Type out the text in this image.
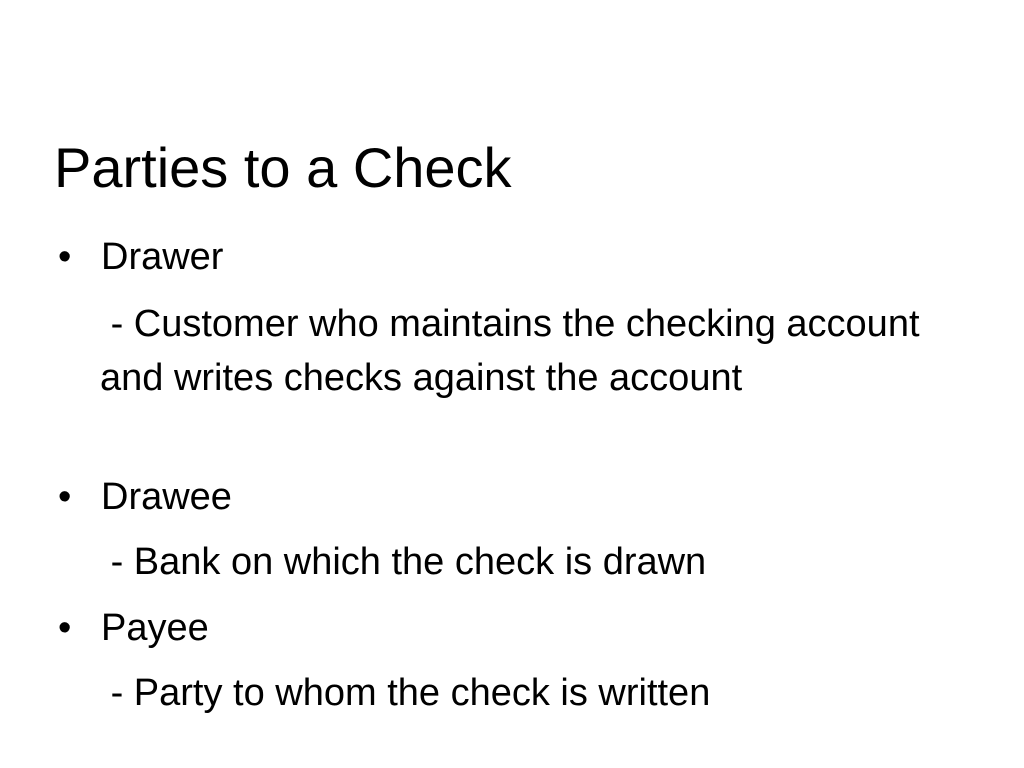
Parties to a Check
• Drawer

- Customer who maintains the checking account and writes checks against the account

• Drawee

- Bank on which the check is drawn

• Payee

- Party to whom the check is written
